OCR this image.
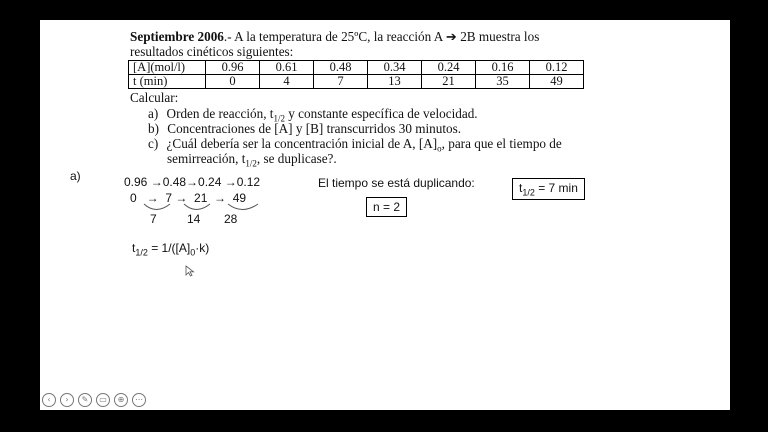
Septiembre 2006.- A la temperatura de 25ºC, la reacción A ➔ 2B muestra los
resultados cinéticos siguientes:
[A](mol/l)	0.96	0.61	0.48	0.34	0.24	0.16	0.12
t (min)	0	4	7	13	21	35	49
Calcular:
a) Orden de reacción, $t_{1/2}$ y constante específica de velocidad.
b) Concentraciones de [A] y [B] transcurridos 30 minutos.
c) ¿Cuál debería ser la concentración inicial de A, $[A]_o$, para que el tiempo de
semirreación, $t_{1/2}$, se duplicase?.
a)	0.96 →0.48→0.24 →0.12
0   →  7 →  21  →  49
7	14 28
El tiempo se está duplicando:	$t_{1/2} = 7$ min
n = 2
$t_{1/2} = 1/([A]_0\cdot k)$
‹	›	✎	▭	⊕	⋯
